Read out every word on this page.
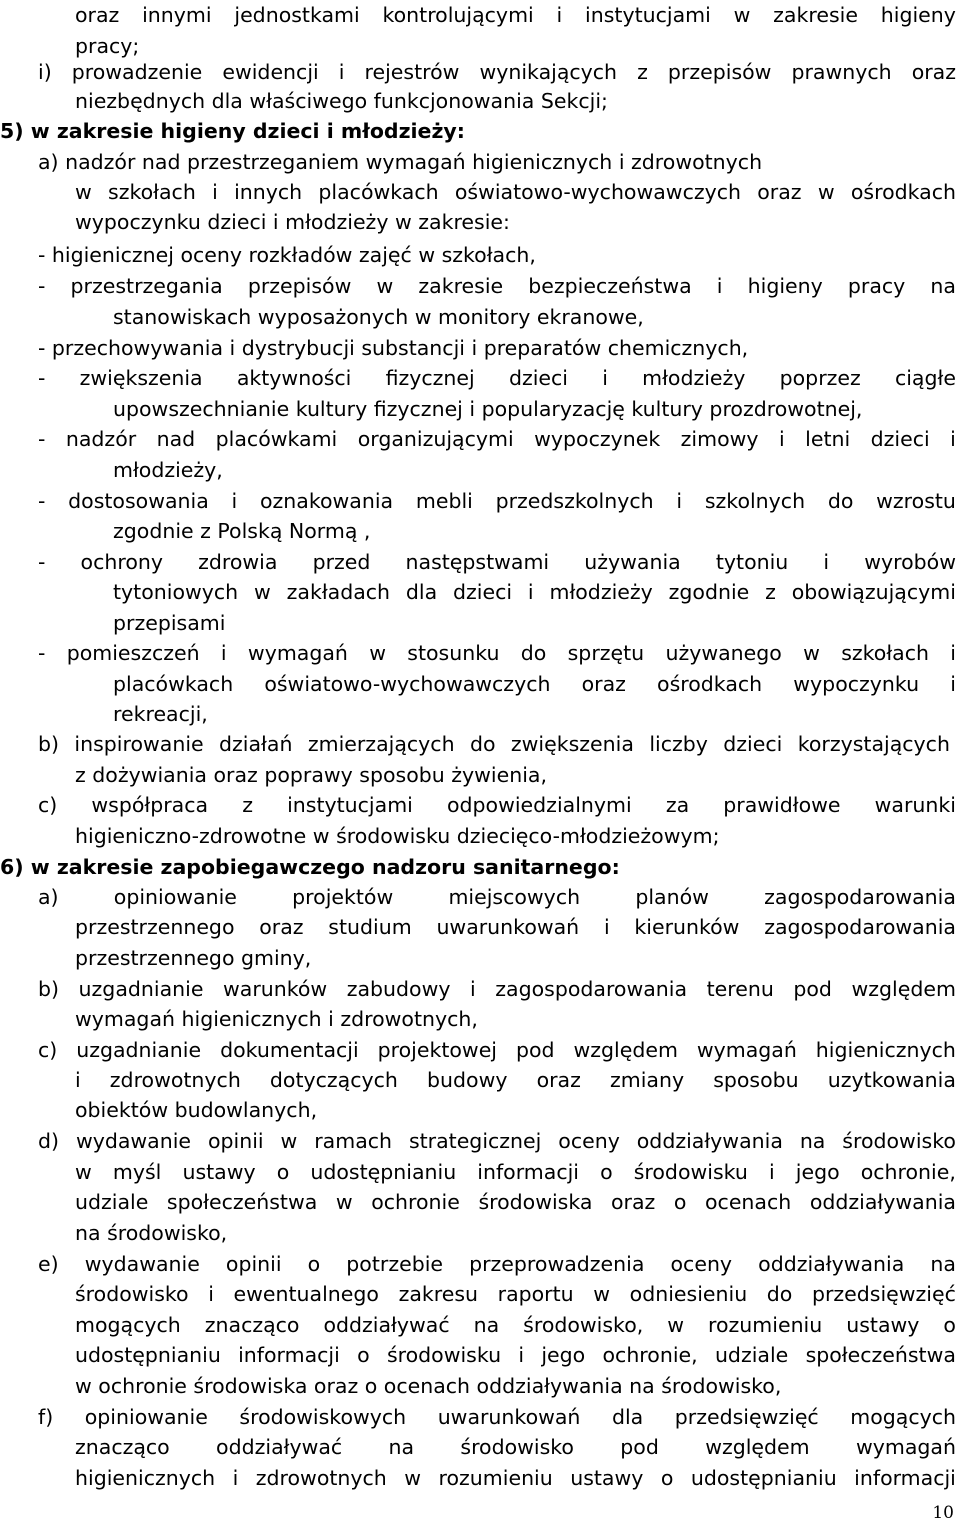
10
oraz innymi jednostkami kontrolującymi i instytucjami w zakresie higieny
pracy;
i) prowadzenie ewidencji i rejestrów wynikających z przepisów prawnych oraz
niezbędnych dla właściwego funkcjonowania Sekcji;
5) w zakresie higieny dzieci i młodzieży:
a) nadzór nad przestrzeganiem wymagań higienicznych i zdrowotnych
w szkołach i innych placówkach oświatowo-wychowawczych oraz w ośrodkach
wypoczynku dzieci i młodzieży w zakresie:
- higienicznej oceny rozkładów zajęć w szkołach,
- przestrzegania przepisów w zakresie bezpieczeństwa i higieny pracy na
stanowiskach wyposażonych w monitory ekranowe,
- przechowywania i dystrybucji substancji i preparatów chemicznych,
- zwiększenia aktywności fizycznej dzieci i młodzieży poprzez ciągłe
upowszechnianie kultury fizycznej i popularyzację kultury prozdrowotnej,
- nadzór nad placówkami organizującymi wypoczynek zimowy i letni dzieci i
młodzieży,
- dostosowania i oznakowania mebli przedszkolnych i szkolnych do wzrostu
zgodnie z Polską Normą ,
- ochrony zdrowia przed następstwami używania tytoniu i wyrobów
tytoniowych w zakładach dla dzieci i młodzieży zgodnie z obowiązującymi
przepisami
- pomieszczeń i wymagań w stosunku do sprzętu używanego w szkołach i
placówkach oświatowo-wychowawczych oraz ośrodkach wypoczynku i
rekreacji,
b) inspirowanie działań zmierzających do zwiększenia liczby dzieci korzystających
z dożywiania oraz poprawy sposobu żywienia,
c) współpraca z instytucjami odpowiedzialnymi za prawidłowe warunki
higieniczno-zdrowotne w środowisku dziecięco-młodzieżowym;
6) w zakresie zapobiegawczego nadzoru sanitarnego:
a)	opiniowanie	projektów	miejscowych	planów	zagospodarowania
przestrzennego oraz studium uwarunkowań i kierunków zagospodarowania
przestrzennego gminy,
b) uzgadnianie warunków zabudowy i zagospodarowania terenu pod względem
wymagań higienicznych i zdrowotnych,
c) uzgadnianie dokumentacji projektowej pod względem wymagań higienicznych
i zdrowotnych dotyczących budowy oraz zmiany sposobu uzytkowania
obiektów budowlanych,
d) wydawanie opinii w ramach strategicznej oceny oddziaływania na środowisko
w myśl ustawy o udostępnianiu informacji o środowisku i jego ochronie,
udziale społeczeństwa w ochronie środowiska oraz o ocenach oddziaływania
na środowisko,
e) wydawanie opinii o potrzebie przeprowadzenia oceny oddziaływania na
środowisko i ewentualnego zakresu raportu w odniesieniu do przedsięwzięć
mogących znacząco oddziaływać na środowisko, w rozumieniu ustawy o
udostępnianiu informacji o środowisku i jego ochronie, udziale społeczeństwa
w ochronie środowiska oraz o ocenach oddziaływania na środowisko,
f) opiniowanie środowiskowych uwarunkowań dla przedsięwzięć mogących
znacząco oddziaływać na środowisko pod względem wymagań
higienicznych i zdrowotnych w rozumieniu ustawy o udostępnianiu informacji
